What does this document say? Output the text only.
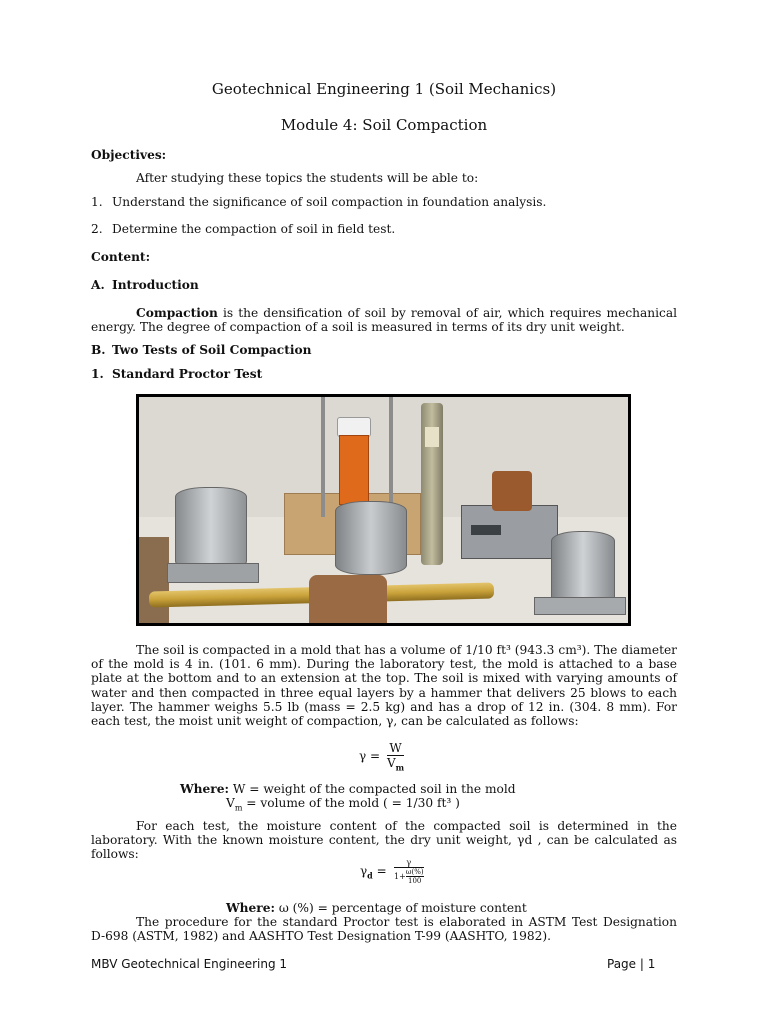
Geotechnical Engineering 1 (Soil Mechanics)
Module 4: Soil Compaction
Objectives:
After studying these topics the students will be able to:
1. Understand the significance of soil compaction in foundation analysis.
2. Determine the compaction of soil in field test.
Content:
A. Introduction
Compaction is the densification of soil by removal of air, which requires mechanical energy. The degree of compaction of a soil is measured in terms of its dry unit weight.
B. Two Tests of Soil Compaction
1. Standard Proctor Test
The soil is compacted in a mold that has a volume of 1/10 ft³ (943.3 cm³). The diameter of the mold is 4 in. (101. 6 mm). During the laboratory test, the mold is attached to a base plate at the bottom and to an extension at the top. The soil is mixed with varying amounts of water and then compacted in three equal layers by a hammer that delivers 25 blows to each layer. The hammer weighs 5.5 lb (mass = 2.5 kg) and has a drop of 12 in. (304. 8 mm). For each test, the moist unit weight of compaction, γ, can be calculated as follows:
$\gamma = \frac{W}{V_m}$
Where: W = weight of the compacted soil in the mold
$V_m$ = volume of the mold ( = 1/30 ft³ )
For each test, the moisture content of the compacted soil is determined in the laboratory. With the known moisture content, the dry unit weight, γd , can be calculated as follows:
$\gamma_d = \frac{\gamma}{1+ \frac{\omega(\%)}{100}}$
Where: ω (%) = percentage of moisture content
The procedure for the standard Proctor test is elaborated in ASTM Test Designation     D-698 (ASTM, 1982) and AASHTO Test Designation T-99 (AASHTO, 1982).
MBV Geotechnical Engineering 1	Page | 1
